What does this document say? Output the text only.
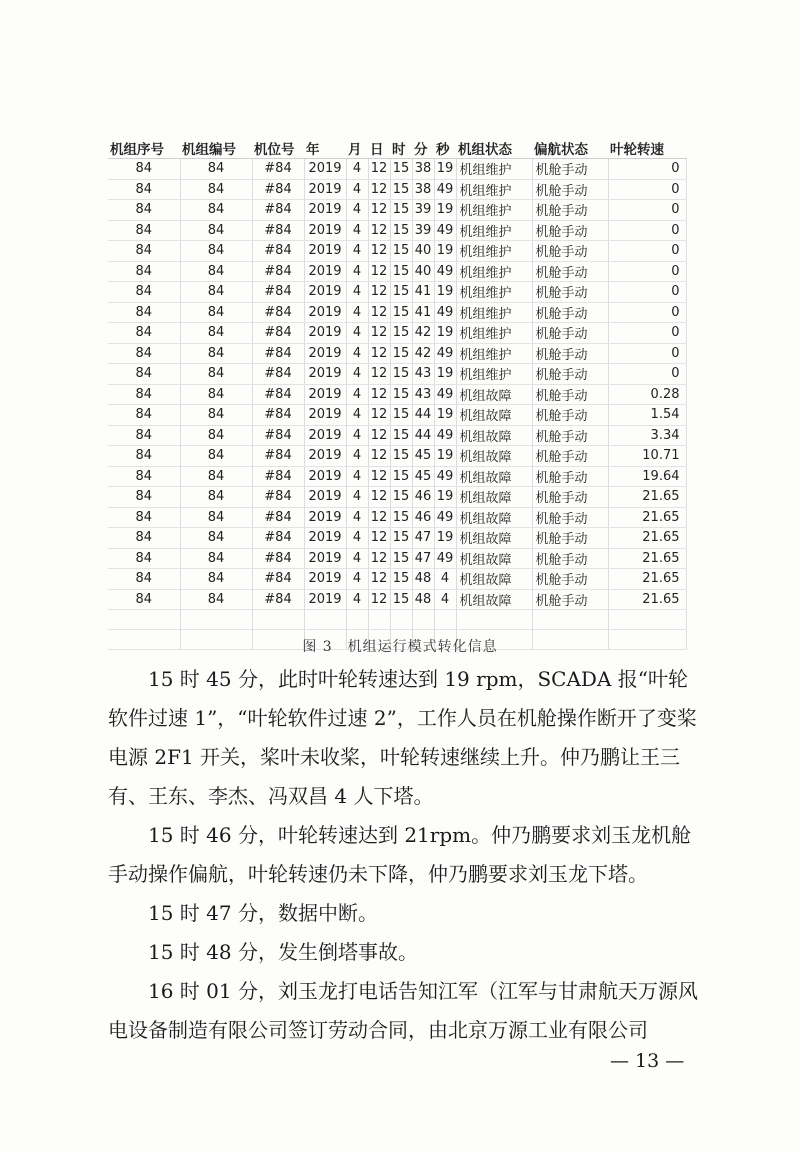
机组序号	机组编号	机位号	年	月	日	时	分	秒	机组状态	偏航状态	叶轮转速
84	84	#84	2019	4	12	15	38	19	机组维护	机舱手动	0
84	84	#84	2019	4	12	15	38	49	机组维护	机舱手动	0
84	84	#84	2019	4	12	15	39	19	机组维护	机舱手动	0
84	84	#84	2019	4	12	15	39	49	机组维护	机舱手动	0
84	84	#84	2019	4	12	15	40	19	机组维护	机舱手动	0
84	84	#84	2019	4	12	15	40	49	机组维护	机舱手动	0
84	84	#84	2019	4	12	15	41	19	机组维护	机舱手动	0
84	84	#84	2019	4	12	15	41	49	机组维护	机舱手动	0
84	84	#84	2019	4	12	15	42	19	机组维护	机舱手动	0
84	84	#84	2019	4	12	15	42	49	机组维护	机舱手动	0
84	84	#84	2019	4	12	15	43	19	机组维护	机舱手动	0
84	84	#84	2019	4	12	15	43	49	机组故障	机舱手动	0.28
84	84	#84	2019	4	12	15	44	19	机组故障	机舱手动	1.54
84	84	#84	2019	4	12	15	44	49	机组故障	机舱手动	3.34
84	84	#84	2019	4	12	15	45	19	机组故障	机舱手动	10.71
84	84	#84	2019	4	12	15	45	49	机组故障	机舱手动	19.64
84	84	#84	2019	4	12	15	46	19	机组故障	机舱手动	21.65
84	84	#84	2019	4	12	15	46	49	机组故障	机舱手动	21.65
84	84	#84	2019	4	12	15	47	19	机组故障	机舱手动	21.65
84	84	#84	2019	4	12	15	47	49	机组故障	机舱手动	21.65
84	84	#84	2019	4	12	15	48	4	机组故障	机舱手动	21.65
84	84	#84	2019	4	12	15	48	4	机组故障	机舱手动	21.65

图 3　机组运行模式转化信息

15 时 45 分，此时叶轮转速达到 19 rpm，SCADA 报“叶轮软件过速 1”，“叶轮软件过速 2”，工作人员在机舱操作断开了变桨电源 2F1 开关，桨叶未收桨，叶轮转速继续上升。仲乃鹏让王三有、王东、李杰、冯双昌 4 人下塔。

15 时 46 分，叶轮转速达到 21rpm。仲乃鹏要求刘玉龙机舱手动操作偏航，叶轮转速仍未下降，仲乃鹏要求刘玉龙下塔。

15 时 47 分，数据中断。

15 时 48 分，发生倒塔事故。

16 时 01 分，刘玉龙打电话告知江军（江军与甘肃航天万源风电设备制造有限公司签订劳动合同，由北京万源工业有限公司

— 13 —
